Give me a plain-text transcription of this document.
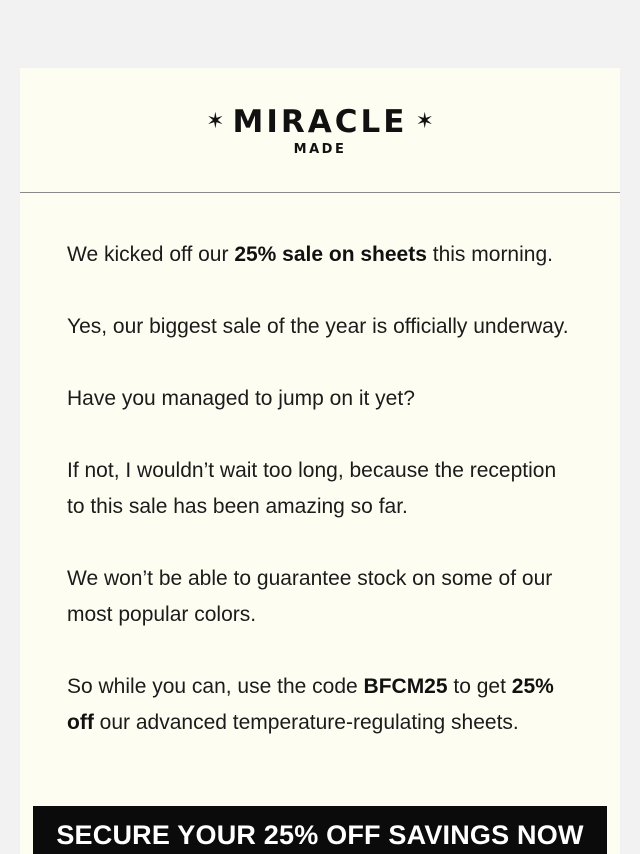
✶ MIRACLE ✶
MADE

We kicked off our 25% sale on sheets this morning.

Yes, our biggest sale of the year is officially underway.

Have you managed to jump on it yet?

If not, I wouldn’t wait too long, because the reception to this sale has been amazing so far.

We won’t be able to guarantee stock on some of our most popular colors.

So while you can, use the code BFCM25 to get 25% off our advanced temperature-regulating sheets.

SECURE YOUR 25% OFF SAVINGS NOW
